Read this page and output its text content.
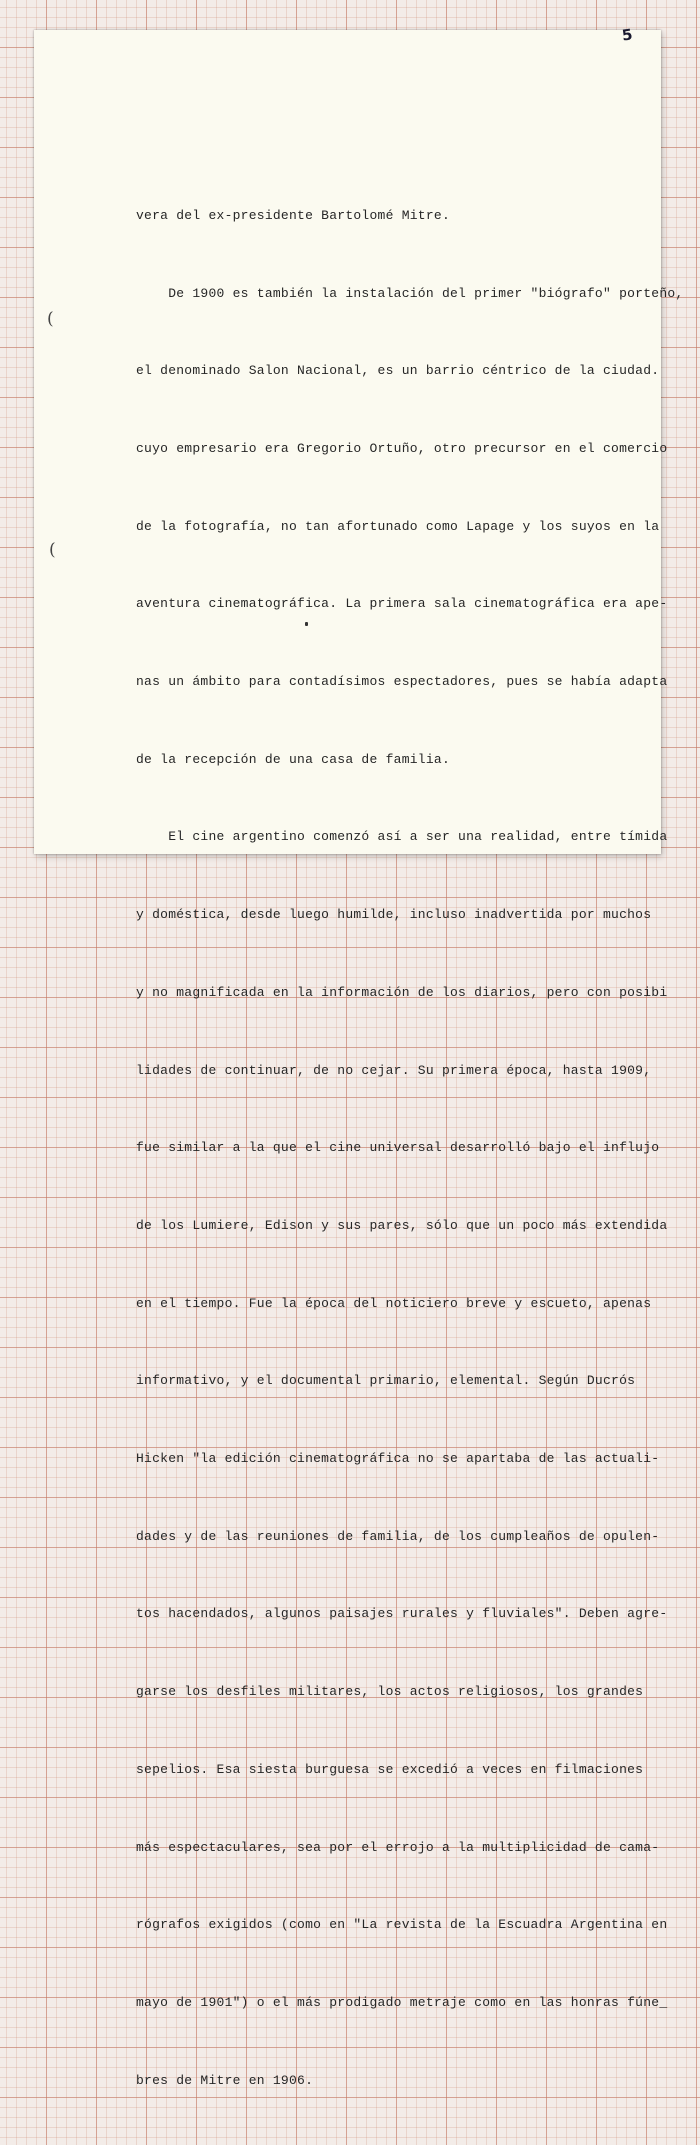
5
(
(

vera del ex-presidente Bartolomé Mitre.

De 1900 es también la instalación del primer "biógrafo" porteño,

el denominado Salon Nacional, es un barrio céntrico de la ciudad.

cuyo empresario era Gregorio Ortuño, otro precursor en el comercio

de la fotografía, no tan afortunado como Lapage y los suyos en la

aventura cinematográfica. La primera sala cinematográfica era ape-

nas un ámbito para contadísimos espectadores, pues se había adapta

de la recepción de una casa de familia.

El cine argentino comenzó así a ser una realidad, entre tímida

y doméstica, desde luego humilde, incluso inadvertida por muchos

y no magnificada en la información de los diarios, pero con posibi

lidades de continuar, de no cejar. Su primera época, hasta 1909,

fue similar a la que el cine universal desarrolló bajo el influjo

de los Lumiere, Edison y sus pares, sólo que un poco más extendida

en el tiempo. Fue la época del noticiero breve y escueto, apenas

informativo, y el documental primario, elemental. Según Ducrós

Hicken "la edición cinematográfica no se apartaba de las actuali-

dades y de las reuniones de familia, de los cumpleaños de opulen-

tos hacendados, algunos paisajes rurales y fluviales". Deben agre-

garse los desfiles militares, los actos religiosos, los grandes

sepelios. Esa siesta burguesa se excedió a veces en filmaciones

más espectaculares, sea por el errojo a la multiplicidad de cama-

rógrafos exigidos (como en "La revista de la Escuadra Argentina en

mayo de 1901") o el más prodigado metraje como en las honras fúne_

bres de Mitre en 1906.
